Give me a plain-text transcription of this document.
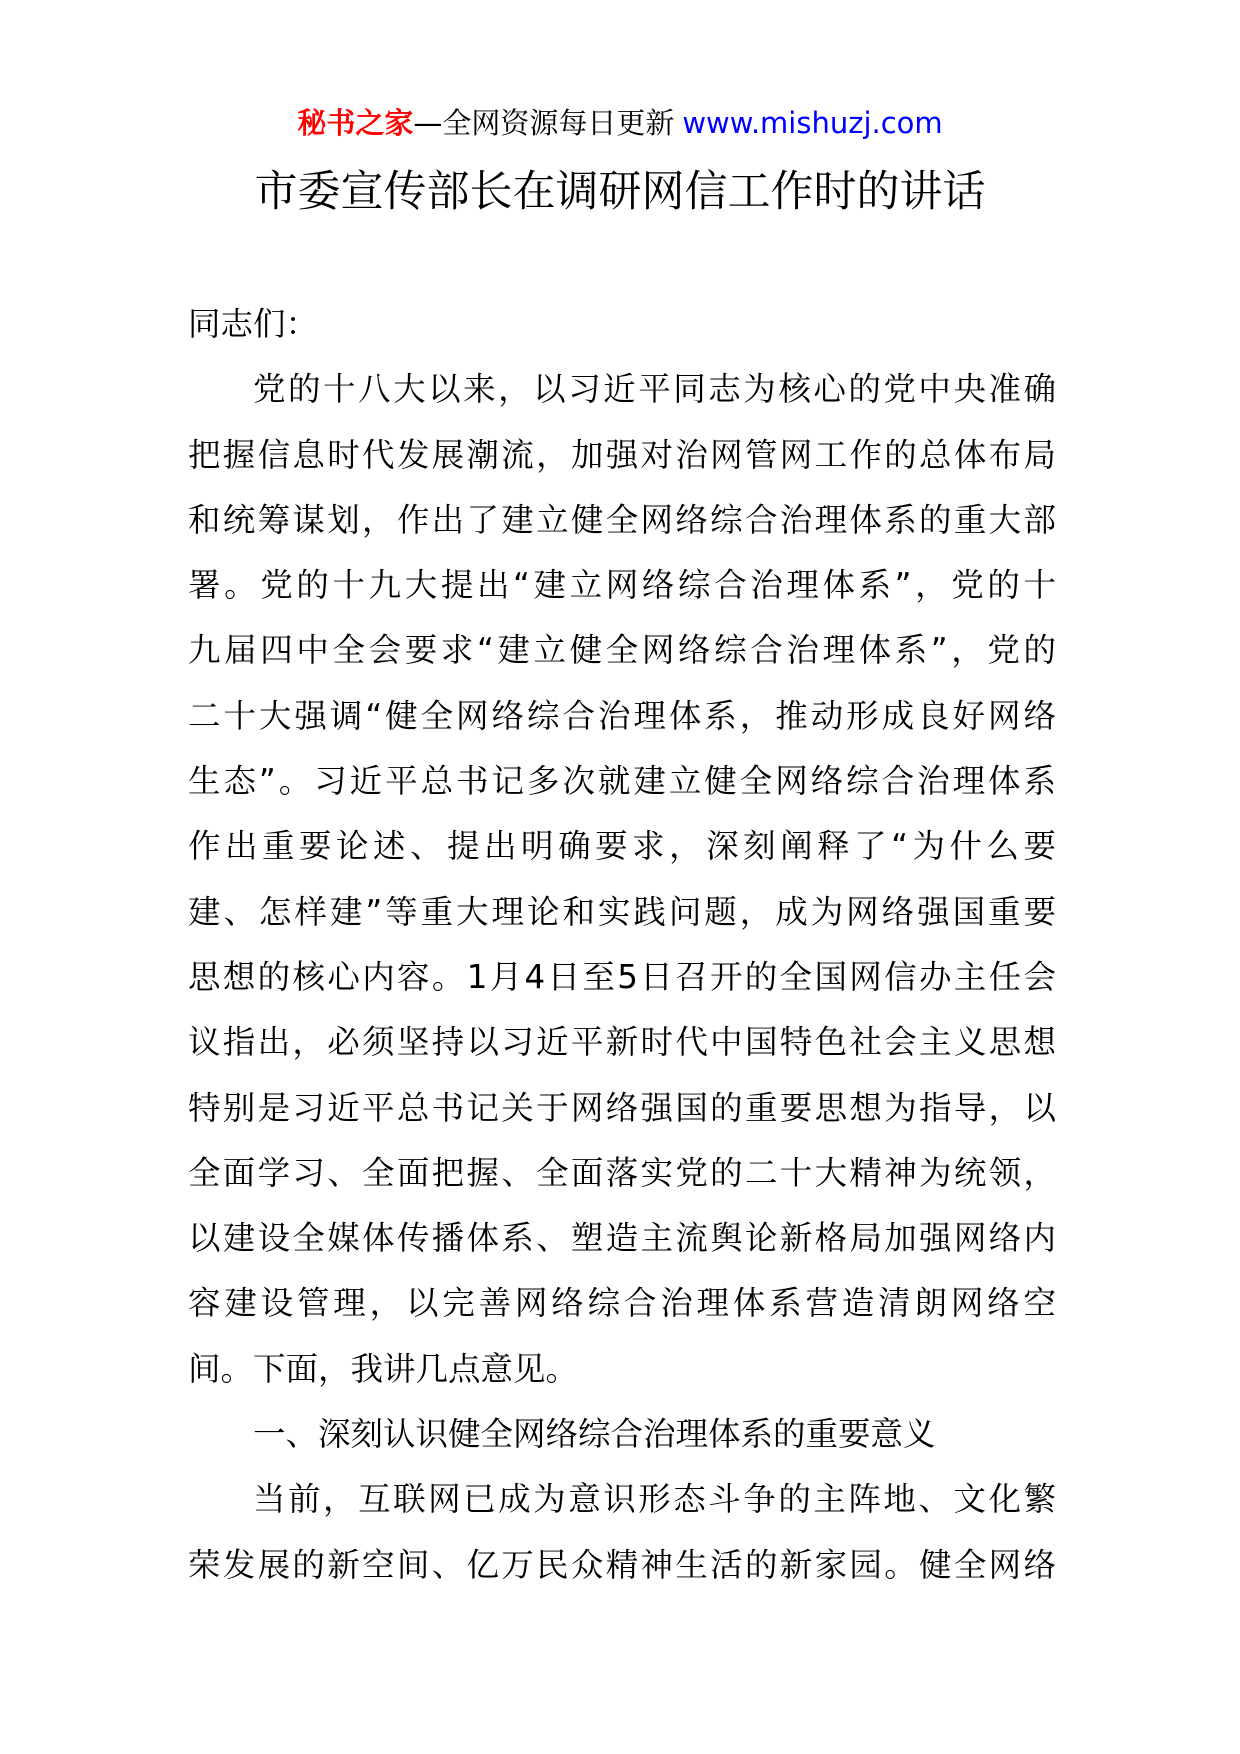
秘书之家—全网资源每日更新 www.mishuzj.com
市委宣传部长在调研网信工作时的讲话
同志们：
党的十八大以来，以习近平同志为核心的党中央准确
把握信息时代发展潮流，加强对治网管网工作的总体布局
和统筹谋划，作出了建立健全网络综合治理体系的重大部
署。党的十九大提出“建立网络综合治理体系”，党的十
九届四中全会要求“建立健全网络综合治理体系”，党的
二十大强调“健全网络综合治理体系，推动形成良好网络
生态”。习近平总书记多次就建立健全网络综合治理体系
作出重要论述、提出明确要求，深刻阐释了“为什么要
建、怎样建”等重大理论和实践问题，成为网络强国重要
思想的核心内容。1月4日至5日召开的全国网信办主任会
议指出，必须坚持以习近平新时代中国特色社会主义思想
特别是习近平总书记关于网络强国的重要思想为指导，以
全面学习、全面把握、全面落实党的二十大精神为统领，
以建设全媒体传播体系、塑造主流舆论新格局加强网络内
容建设管理，以完善网络综合治理体系营造清朗网络空
间。下面，我讲几点意见。
一、深刻认识健全网络综合治理体系的重要意义
当前，互联网已成为意识形态斗争的主阵地、文化繁
荣发展的新空间、亿万民众精神生活的新家园。健全网络
